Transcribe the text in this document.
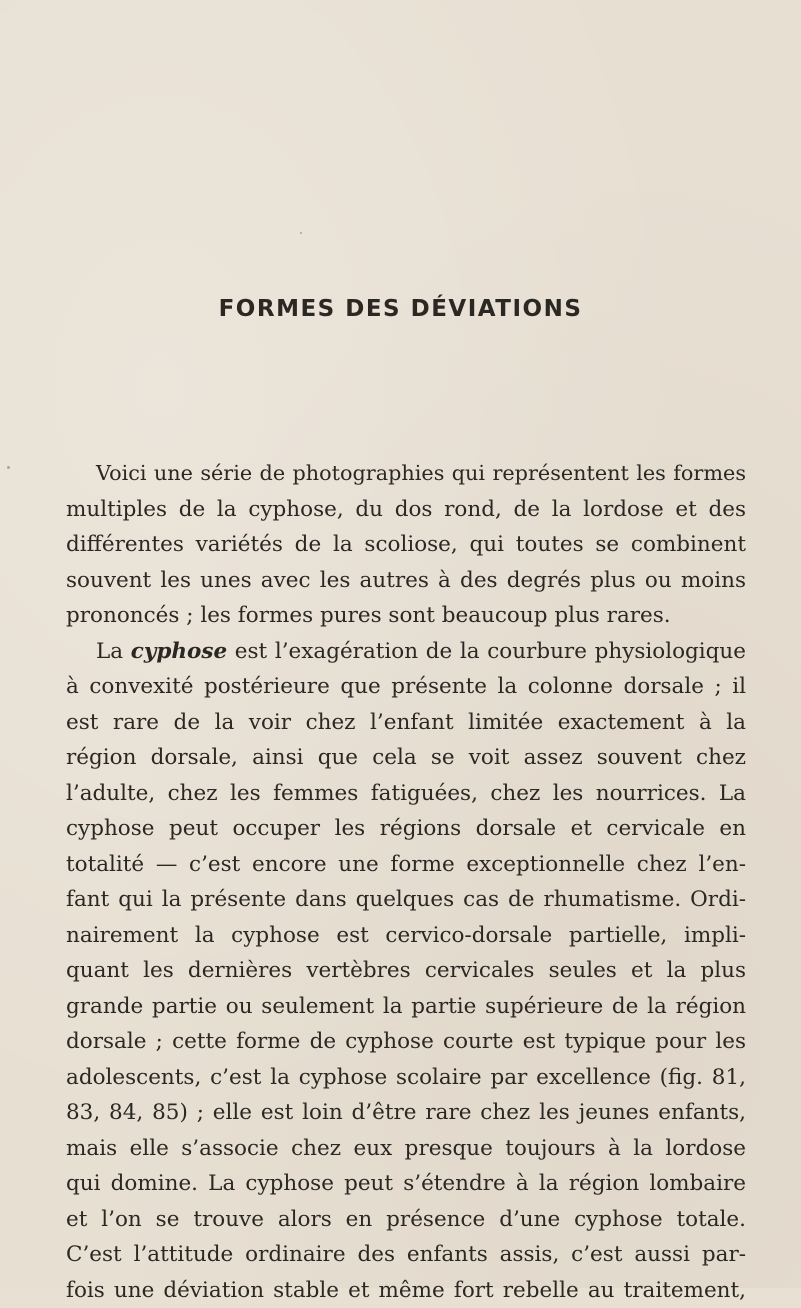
FORMES DES DÉVIATIONS
Voici une série de photographies qui représentent les formes
multiples de la cyphose, du dos rond, de la lordose et des
différentes variétés de la scoliose, qui toutes se combinent
souvent les unes avec les autres à des degrés plus ou moins
prononcés ; les formes pures sont beaucoup plus rares.
La cyphose est l’exagération de la courbure physiologique
à convexité postérieure que présente la colonne dorsale ; il
est rare de la voir chez l’enfant limitée exactement à la
région dorsale, ainsi que cela se voit assez souvent chez
l’adulte, chez les femmes fatiguées, chez les nourrices. La
cyphose peut occuper les régions dorsale et cervicale en
totalité — c’est encore une forme exceptionnelle chez l’en-
fant qui la présente dans quelques cas de rhumatisme. Ordi-
nairement la cyphose est cervico-dorsale partielle, impli-
quant les dernières vertèbres cervicales seules et la plus
grande partie ou seulement la partie supérieure de la région
dorsale ; cette forme de cyphose courte est typique pour les
adolescents, c’est la cyphose scolaire par excellence (fig. 81,
83, 84, 85) ; elle est loin d’être rare chez les jeunes enfants,
mais elle s’associe chez eux presque toujours à la lordose
qui domine. La cyphose peut s’étendre à la région lombaire
et l’on se trouve alors en présence d’une cyphose totale.
C’est l’attitude ordinaire des enfants assis, c’est aussi par-
fois une déviation stable et même fort rebelle au traitement,
